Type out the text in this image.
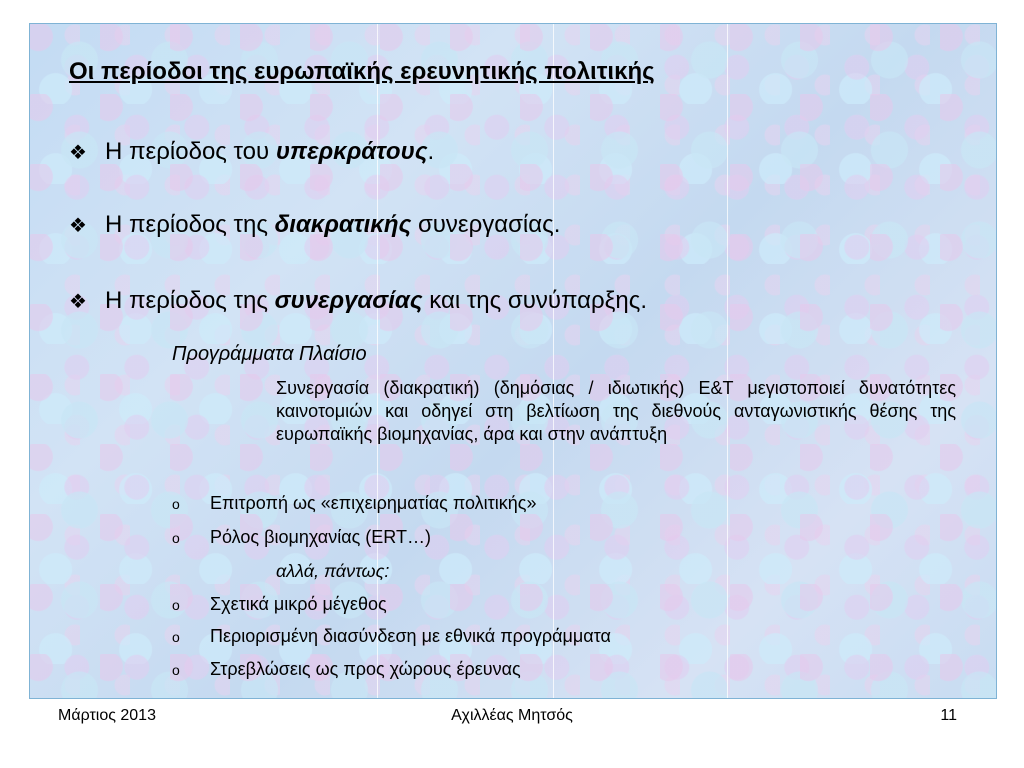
Οι περίοδοι της ευρωπαϊκής ερευνητικής πολιτικής
❖ Η περίοδος του υπερκράτους.
❖ Η περίοδος της διακρατικής συνεργασίας.
❖ Η περίοδος της συνεργασίας και της συνύπαρξης.
Προγράμματα Πλαίσιο

Συνεργασία (διακρατική) (δημόσιας / ιδιωτικής) Ε&Τ μεγιστοποιεί δυνατότητες καινοτομιών και οδηγεί στη βελτίωση της διεθνούς ανταγωνιστικής θέσης της ευρωπαϊκής βιομηχανίας, άρα και στην ανάπτυξη

o Επιτροπή ως «επιχειρηματίας πολιτικής»
o Ρόλος βιομηχανίας (ERT…)
αλλά, πάντως:
o Σχετικά μικρό μέγεθος
o Περιορισμένη διασύνδεση με εθνικά προγράμματα
o Στρεβλώσεις ως προς χώρους έρευνας
Μάρτιος 2013	Αχιλλέας Μητσός	11
